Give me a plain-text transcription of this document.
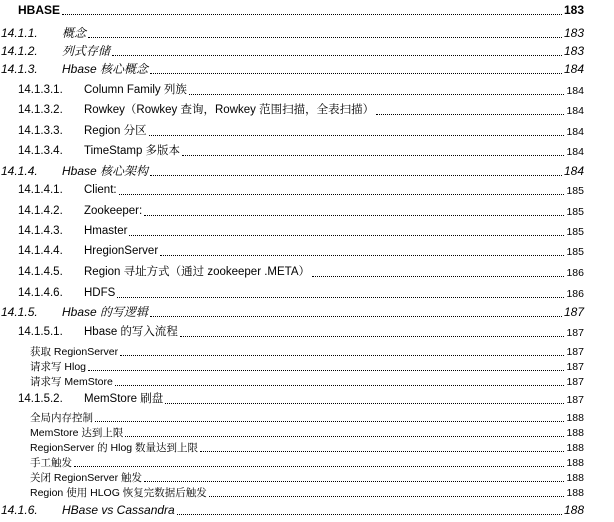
HBASE	183
14.1.1. 概念	183
14.1.2. 列式存储	183
14.1.3. Hbase 核心概念	184
14.1.3.1. Column Family 列族	184
14.1.3.2. Rowkey（Rowkey 查询，Rowkey 范围扫描，全表扫描）	184
14.1.3.3. Region 分区	184
14.1.3.4. TimeStamp 多版本	184
14.1.4. Hbase 核心架构	184
14.1.4.1. Client:	185
14.1.4.2. Zookeeper:	185
14.1.4.3. Hmaster	185
14.1.4.4. HregionServer	185
14.1.4.5. Region 寻址方式（通过 zookeeper .META）	186
14.1.4.6. HDFS	186
14.1.5. Hbase 的写逻辑	187
14.1.5.1. Hbase 的写入流程	187
获取 RegionServer	187
请求写 Hlog	187
请求写 MemStore	187
14.1.5.2. MemStore 刷盘	187
全局内存控制	188
MemStore 达到上限	188
RegionServer 的 Hlog 数量达到上限	188
手工触发	188
关闭 RegionServer 触发	188
Region 使用 HLOG 恢复完数据后触发	188
14.1.6. HBase vs Cassandra	188
